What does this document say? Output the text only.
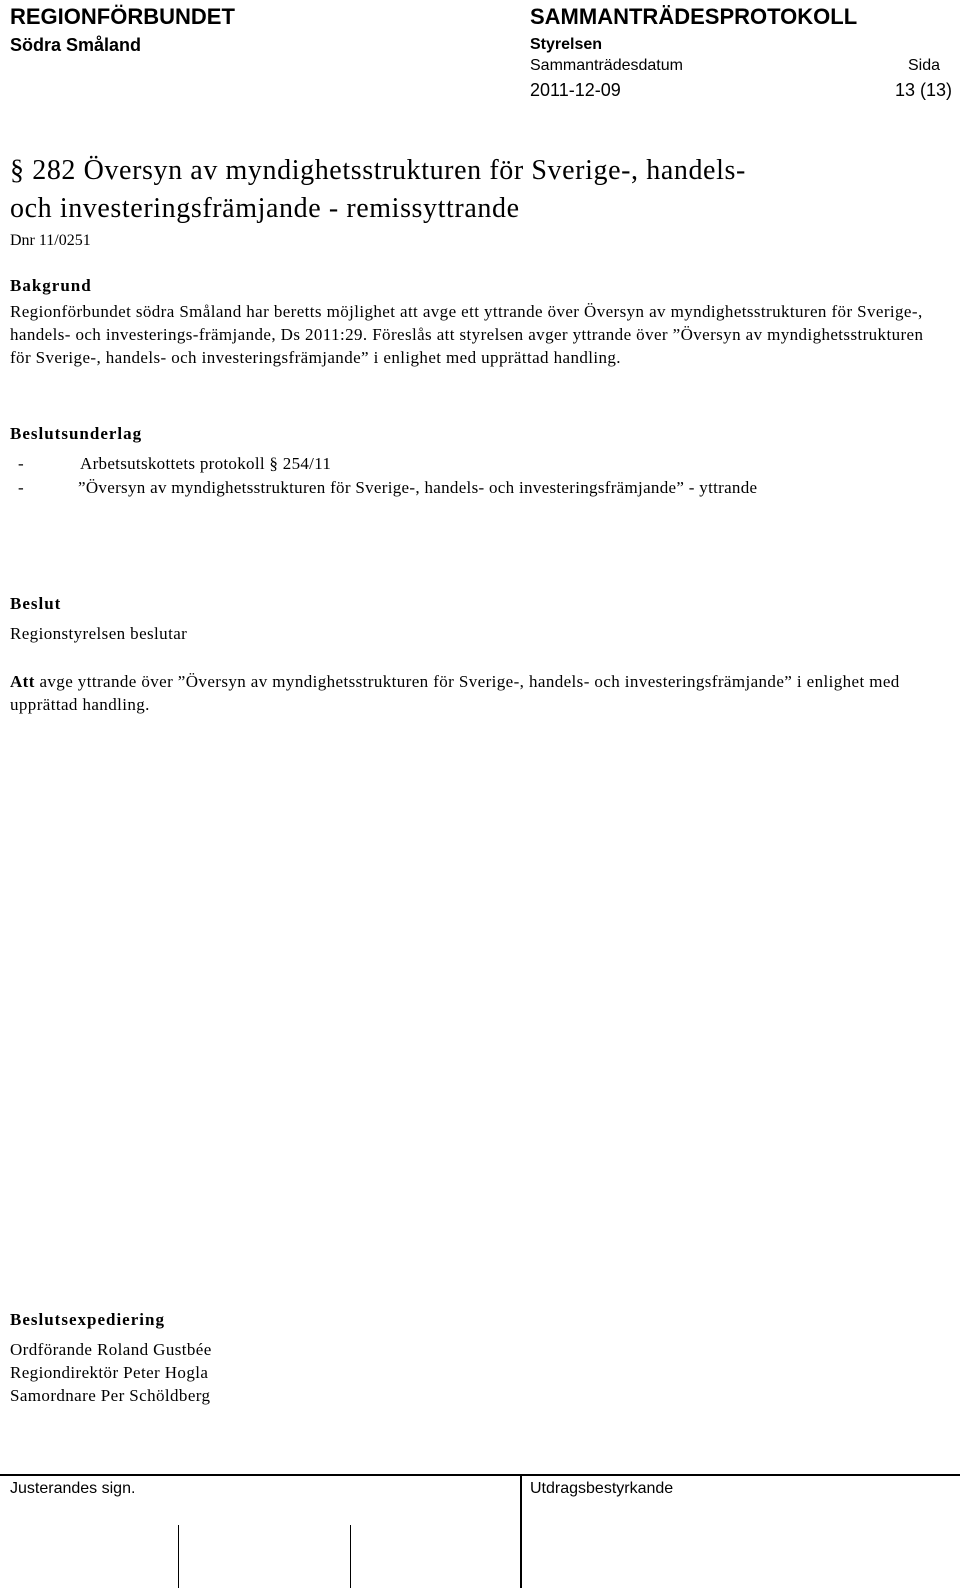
REGIONFÖRBUNDET
Södra Småland
SAMMANTRÄDESPROTOKOLL
Styrelsen
Sammanträdesdatum	Sida
2011-12-09	13 (13)
§ 282 Översyn av myndighetsstrukturen för Sverige-, handels-
och investeringsfrämjande - remissyttrande
Dnr 11/0251
Bakgrund
Regionförbundet södra Småland har beretts möjlighet att avge ett yttrande över Översyn av myndighetsstrukturen för Sverige-, handels- och investerings-främjande, Ds 2011:29. Föreslås att styrelsen avger yttrande över ”Översyn av myndighetsstrukturen för Sverige-, handels- och investeringsfrämjande” i enlighet med upprättad handling.
Beslutsunderlag
-	Arbetsutskottets protokoll § 254/11
-	”Översyn av myndighetsstrukturen för Sverige-, handels- och investeringsfrämjande” - yttrande
Beslut
Regionstyrelsen beslutar
Att avge yttrande över ”Översyn av myndighetsstrukturen för Sverige-, handels- och investeringsfrämjande” i enlighet med upprättad handling.
Beslutsexpediering
Ordförande Roland Gustbée
Regiondirektör Peter Hogla
Samordnare Per Schöldberg
Justerandes sign.	Utdragsbestyrkande
